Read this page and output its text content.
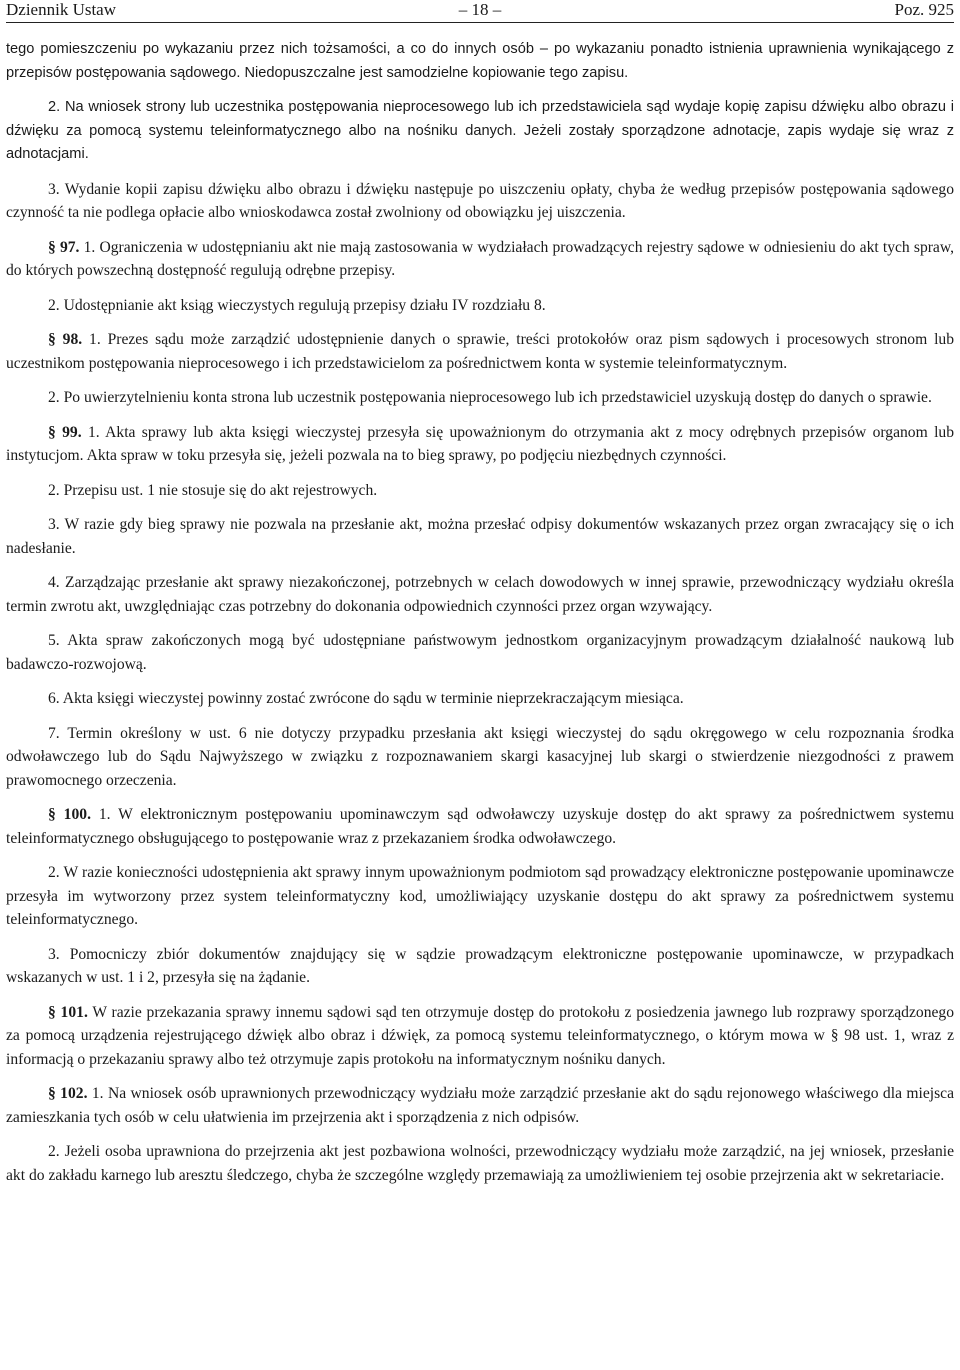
Dziennik Ustaw	– 18 –	Poz. 925

tego pomieszczeniu po wykazaniu przez nich tożsamości, a co do innych osób – po wykazaniu ponadto istnienia uprawnienia wynikającego z przepisów postępowania sądowego. Niedopuszczalne jest samodzielne kopiowanie tego zapisu.

2. Na wniosek strony lub uczestnika postępowania nieprocesowego lub ich przedstawiciela sąd wydaje kopię zapisu dźwięku albo obrazu i dźwięku za pomocą systemu teleinformatycznego albo na nośniku danych. Jeżeli zostały sporządzone adnotacje, zapis wydaje się wraz z adnotacjami.

3. Wydanie kopii zapisu dźwięku albo obrazu i dźwięku następuje po uiszczeniu opłaty, chyba że według przepisów postępowania sądowego czynność ta nie podlega opłacie albo wnioskodawca został zwolniony od obowiązku jej uiszczenia.

§ 97. 1. Ograniczenia w udostępnianiu akt nie mają zastosowania w wydziałach prowadzących rejestry sądowe w odniesieniu do akt tych spraw, do których powszechną dostępność regulują odrębne przepisy.

2. Udostępnianie akt ksiąg wieczystych regulują przepisy działu IV rozdziału 8.

§ 98. 1. Prezes sądu może zarządzić udostępnienie danych o sprawie, treści protokołów oraz pism sądowych i procesowych stronom lub uczestnikom postępowania nieprocesowego i ich przedstawicielom za pośrednictwem konta w systemie teleinformatycznym.

2. Po uwierzytelnieniu konta strona lub uczestnik postępowania nieprocesowego lub ich przedstawiciel uzyskują dostęp do danych o sprawie.

§ 99. 1. Akta sprawy lub akta księgi wieczystej przesyła się upoważnionym do otrzymania akt z mocy odrębnych przepisów organom lub instytucjom. Akta spraw w toku przesyła się, jeżeli pozwala na to bieg sprawy, po podjęciu niezbędnych czynności.

2. Przepisu ust. 1 nie stosuje się do akt rejestrowych.

3. W razie gdy bieg sprawy nie pozwala na przesłanie akt, można przesłać odpisy dokumentów wskazanych przez organ zwracający się o ich nadesłanie.

4. Zarządzając przesłanie akt sprawy niezakończonej, potrzebnych w celach dowodowych w innej sprawie, przewodniczący wydziału określa termin zwrotu akt, uwzględniając czas potrzebny do dokonania odpowiednich czynności przez organ wzywający.

5. Akta spraw zakończonych mogą być udostępniane państwowym jednostkom organizacyjnym prowadzącym działalność naukową lub badawczo-rozwojową.

6. Akta księgi wieczystej powinny zostać zwrócone do sądu w terminie nieprzekraczającym miesiąca.

7. Termin określony w ust. 6 nie dotyczy przypadku przesłania akt księgi wieczystej do sądu okręgowego w celu rozpoznania środka odwoławczego lub do Sądu Najwyższego w związku z rozpoznawaniem skargi kasacyjnej lub skargi o stwierdzenie niezgodności z prawem prawomocnego orzeczenia.

§ 100. 1. W elektronicznym postępowaniu upominawczym sąd odwoławczy uzyskuje dostęp do akt sprawy za pośrednictwem systemu teleinformatycznego obsługującego to postępowanie wraz z przekazaniem środka odwoławczego.

2. W razie konieczności udostępnienia akt sprawy innym upoważnionym podmiotom sąd prowadzący elektroniczne postępowanie upominawcze przesyła im wytworzony przez system teleinformatyczny kod, umożliwiający uzyskanie dostępu do akt sprawy za pośrednictwem systemu teleinformatycznego.

3. Pomocniczy zbiór dokumentów znajdujący się w sądzie prowadzącym elektroniczne postępowanie upominawcze, w przypadkach wskazanych w ust. 1 i 2, przesyła się na żądanie.

§ 101. W razie przekazania sprawy innemu sądowi sąd ten otrzymuje dostęp do protokołu z posiedzenia jawnego lub rozprawy sporządzonego za pomocą urządzenia rejestrującego dźwięk albo obraz i dźwięk, za pomocą systemu teleinformatycznego, o którym mowa w § 98 ust. 1, wraz z informacją o przekazaniu sprawy albo też otrzymuje zapis protokołu na informatycznym nośniku danych.

§ 102. 1. Na wniosek osób uprawnionych przewodniczący wydziału może zarządzić przesłanie akt do sądu rejonowego właściwego dla miejsca zamieszkania tych osób w celu ułatwienia im przejrzenia akt i sporządzenia z nich odpisów.

2. Jeżeli osoba uprawniona do przejrzenia akt jest pozbawiona wolności, przewodniczący wydziału może zarządzić, na jej wniosek, przesłanie akt do zakładu karnego lub aresztu śledczego, chyba że szczególne względy przemawiają za umożliwieniem tej osobie przejrzenia akt w sekretariacie.
